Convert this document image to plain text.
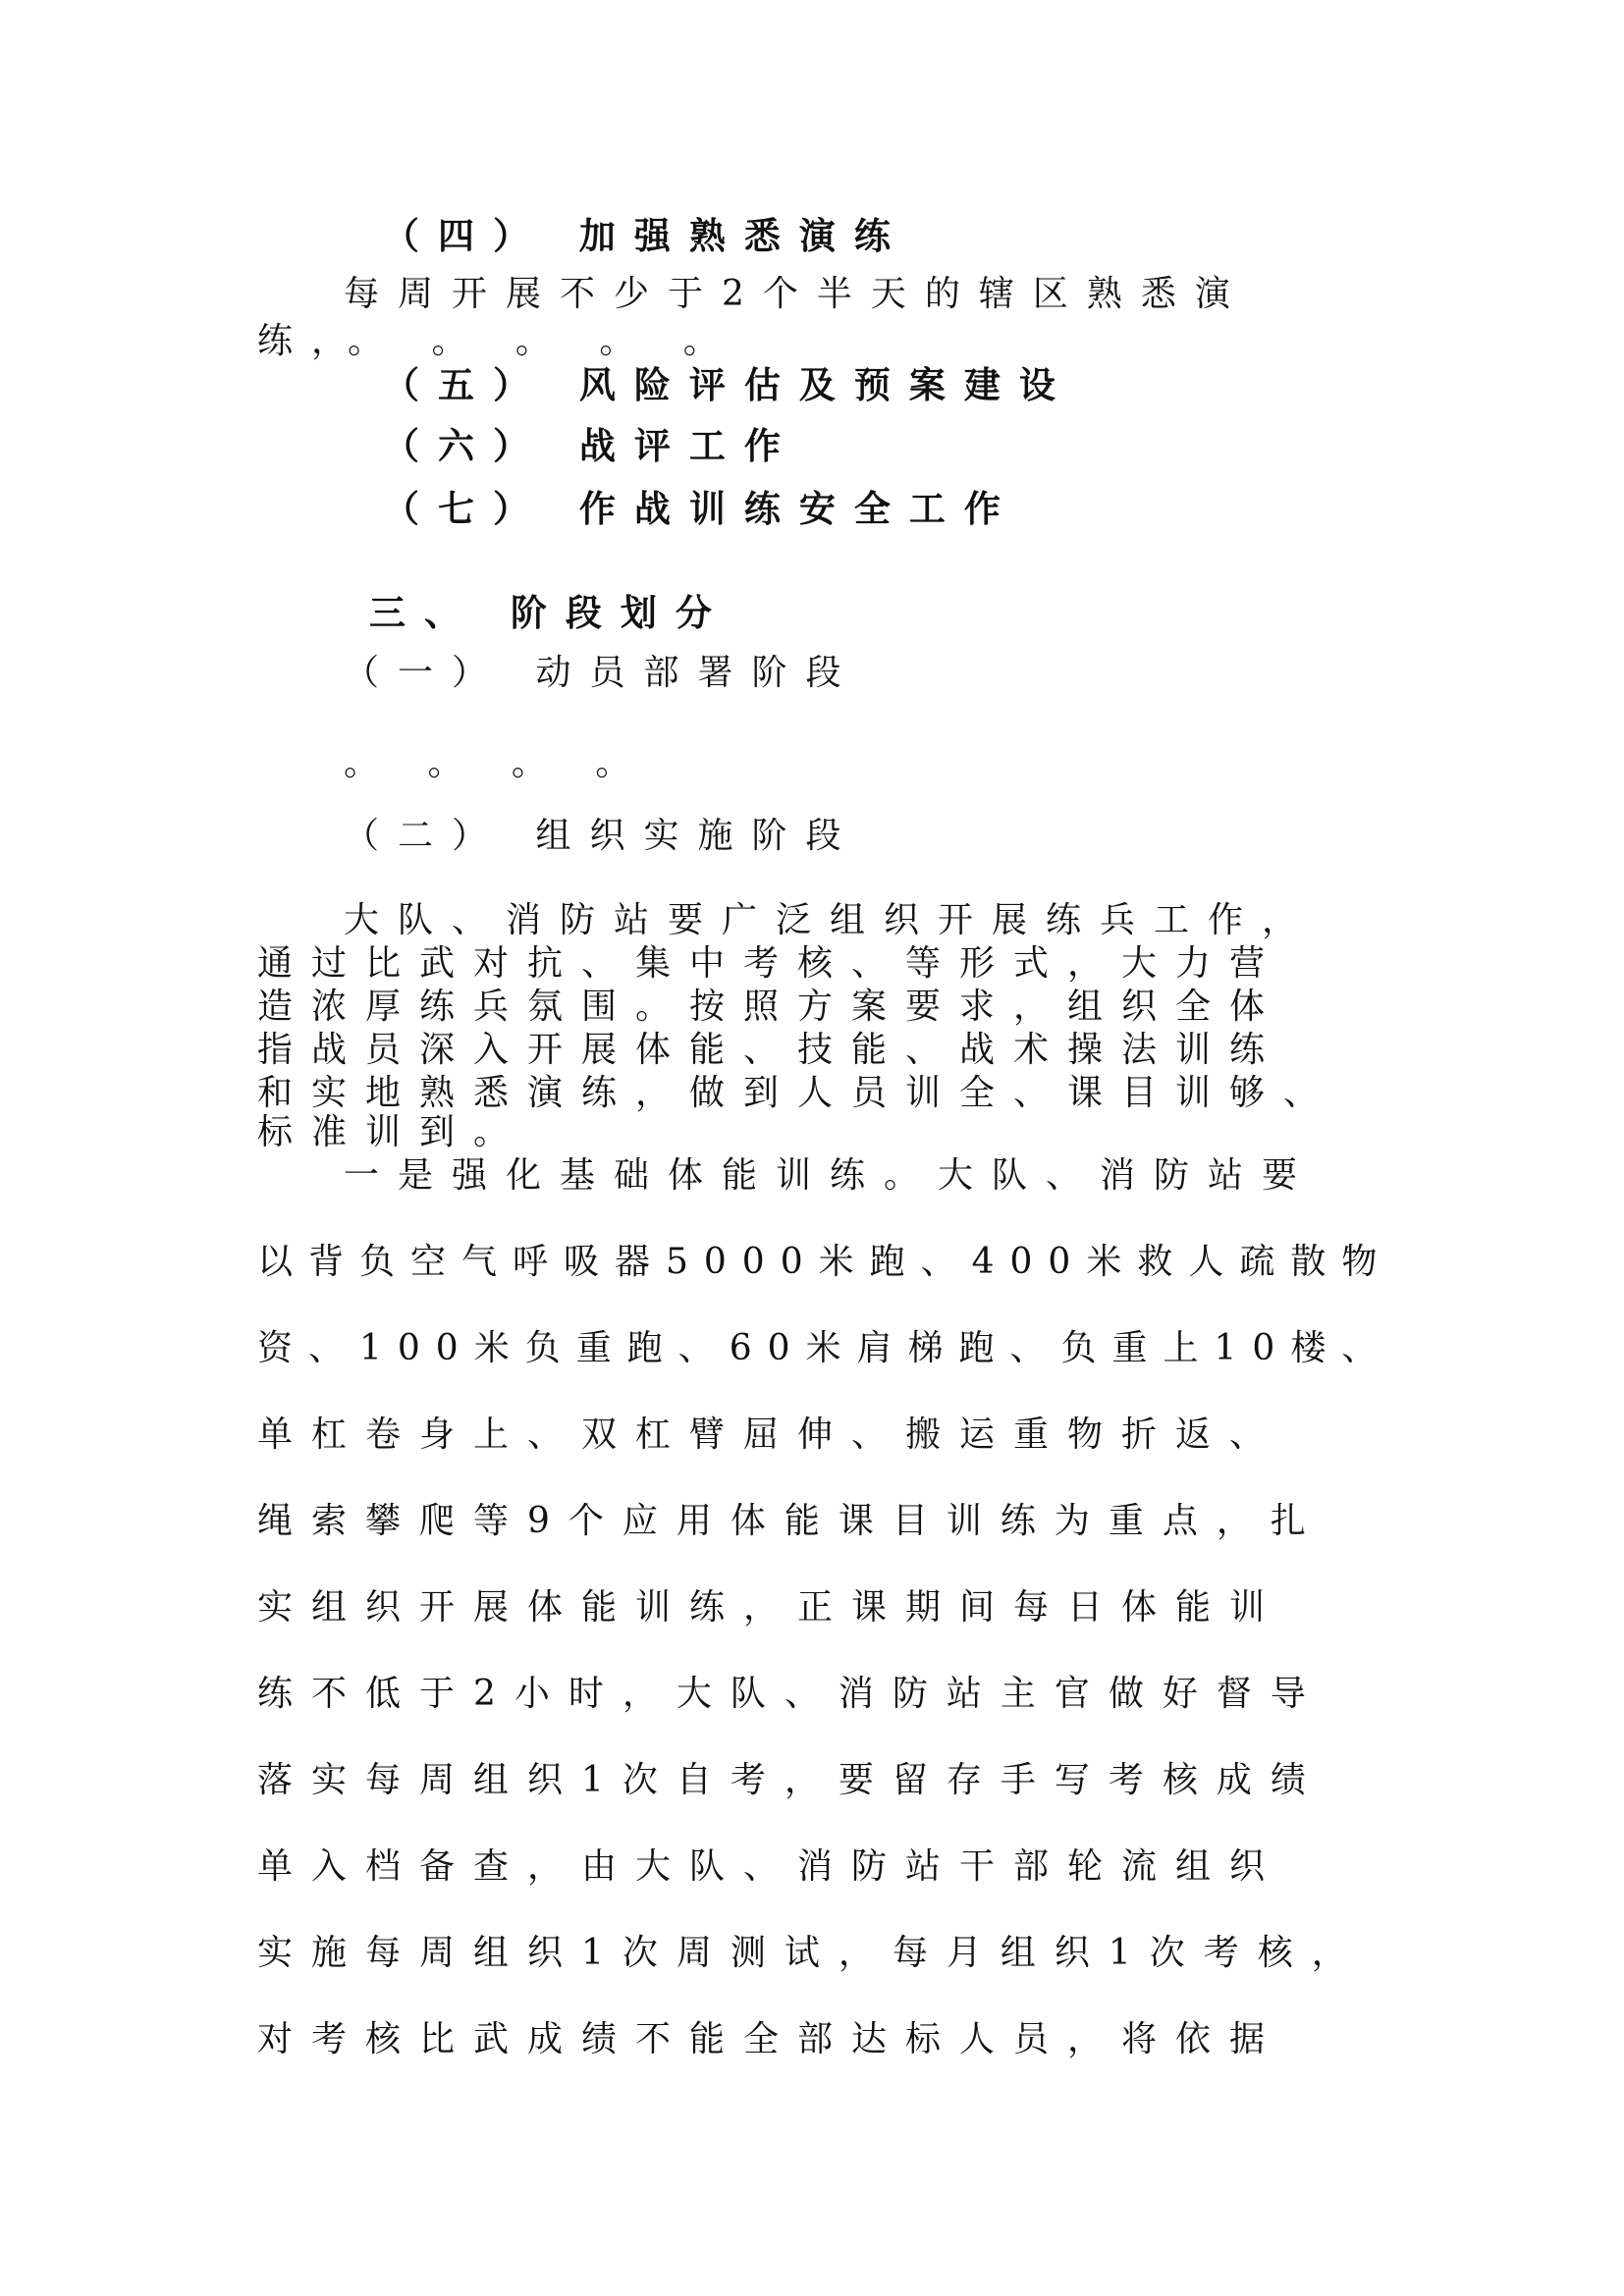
（四） 加强熟悉演练
每周开展不少于2个半天的辖区熟悉演
练，。 。 。 。 。
（五） 风险评估及预案建设
（六） 战评工作
（七） 作战训练安全工作
三、 阶段划分
（一） 动员部署阶段
。 。 。 。
（二） 组织实施阶段
大队、消防站要广泛组织开展练兵工作，
通过比武对抗、集中考核、等形式，大力营
造浓厚练兵氛围。按照方案要求，组织全体
指战员深入开展体能、技能、战术操法训练
和实地熟悉演练，做到人员训全、课目训够、
标准训到。
一是强化基础体能训练。大队、消防站要
以背负空气呼吸器5000米跑、400米救人疏散物
资、100米负重跑、60米肩梯跑、负重上10楼、
单杠卷身上、双杠臂屈伸、搬运重物折返、
绳索攀爬等9个应用体能课目训练为重点，扎
实组织开展体能训练，正课期间每日体能训
练不低于2小时，大队、消防站主官做好督导
落实每周组织1次自考，要留存手写考核成绩
单入档备查，由大队、消防站干部轮流组织
实施每周组织1次周测试，每月组织1次考核，
对考核比武成绩不能全部达标人员，将依据
